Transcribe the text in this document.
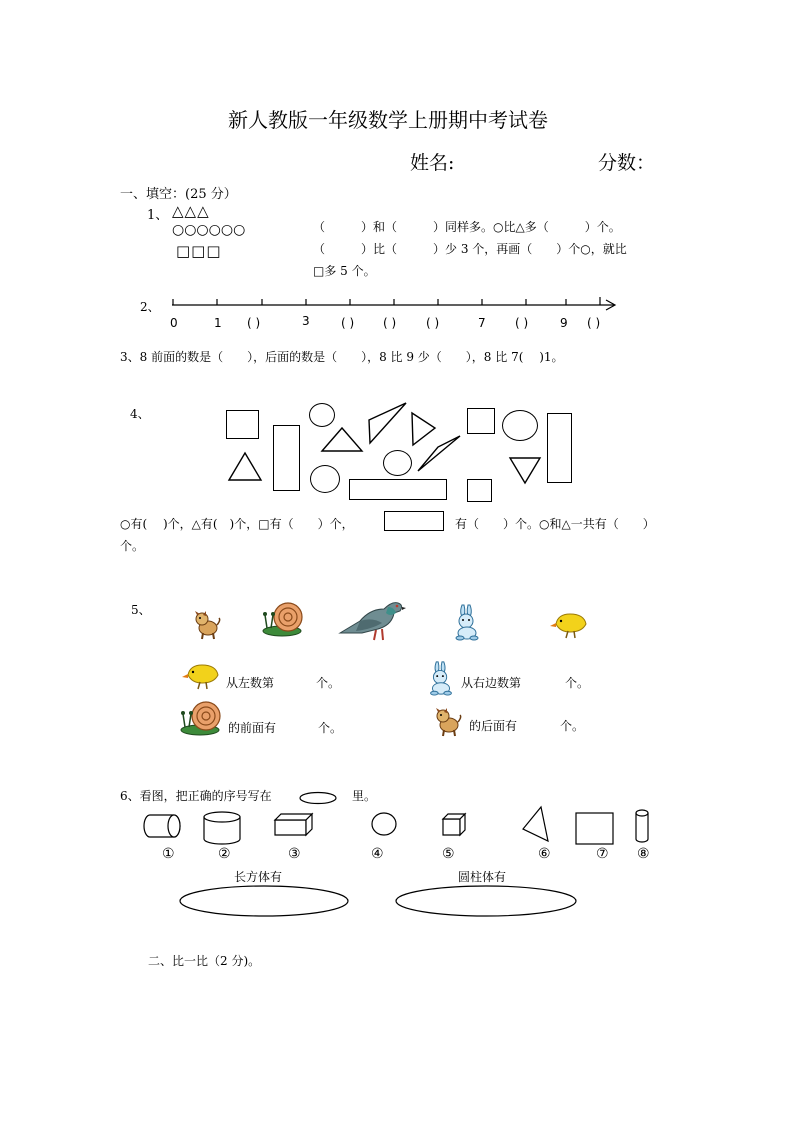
新人教版一年级数学上册期中考试卷
姓名:	分数：
一、填空：(25 分）
1、 △△△
○○○○○○
□□□
（　　　）和（　　　）同样多。○比△多（　　　）个。
（　　　）比（　　　）少 3 个，再画（　　）个○，就比
□多 5 个。
2、
0	1 ( )	3	( ) ( ) ( )	7 ( )	9 ( )
3、8 前面的数是（　　），后面的数是（　　），8 比 9 少（　　），8 比 7(　 )1。
4、
○有(　 )个，△有(　)个，□有（　　）个，	有（　　）个。○和△一共有（　　）
个。
5、
从左数第	个。	从右边数第	个。
的前面有	个。	的后面有	个。
6、看图，把正确的序号写在	里。
①	②	③	④	⑤	⑥	⑦ ⑧
长方体有	圆柱体有
二、比一比（2 分)。
